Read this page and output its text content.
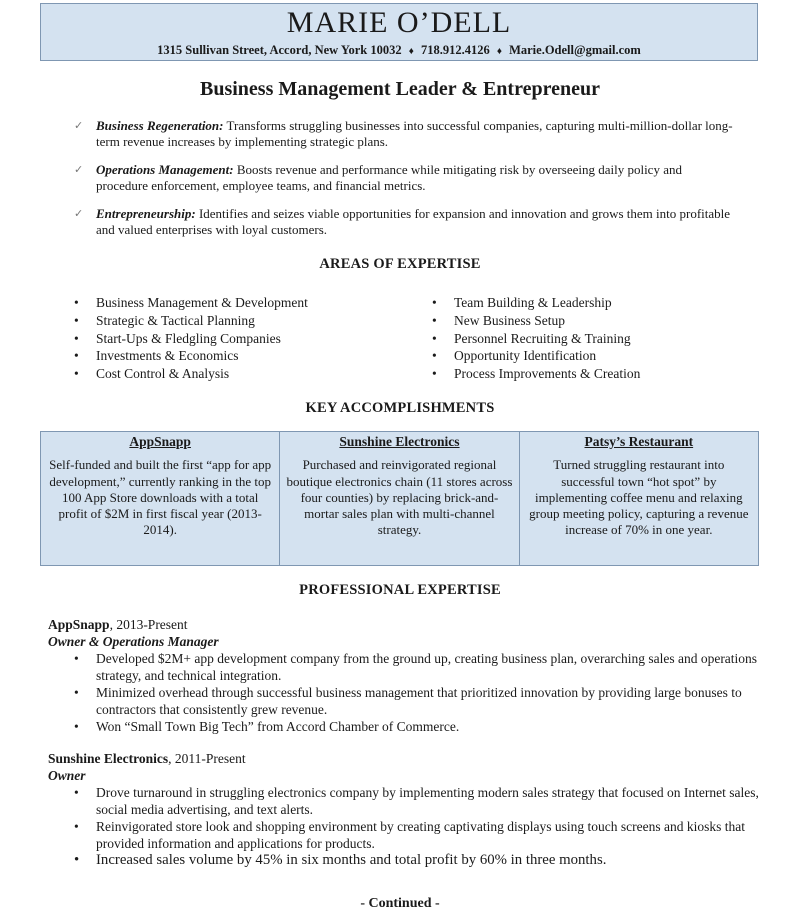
MARIE O’DELL
1315 Sullivan Street, Accord, New York 10032 ♦ 718.912.4126 ♦ Marie.Odell@gmail.com
Business Management Leader & Entrepreneur
✓ Business Regeneration: Transforms struggling businesses into successful companies, capturing multi-million-dollar long-term revenue increases by implementing strategic plans.
✓ Operations Management: Boosts revenue and performance while mitigating risk by overseeing daily policy and procedure enforcement, employee teams, and financial metrics.
✓ Entrepreneurship: Identifies and seizes viable opportunities for expansion and innovation and grows them into profitable and valued enterprises with loyal customers.
AREAS OF EXPERTISE
• Business Management & Development
• Strategic & Tactical Planning
• Start-Ups & Fledgling Companies
• Investments & Economics
• Cost Control & Analysis
• Team Building & Leadership
• New Business Setup
• Personnel Recruiting & Training
• Opportunity Identification
• Process Improvements & Creation
KEY ACCOMPLISHMENTS
AppSnapp
Self-funded and built the first “app for app development,” currently ranking in the top 100 App Store downloads with a total profit of $2M in first fiscal year (2013-2014).
Sunshine Electronics
Purchased and reinvigorated regional boutique electronics chain (11 stores across four counties) by replacing brick-and-mortar sales plan with multi-channel strategy.
Patsy’s Restaurant
Turned struggling restaurant into successful town “hot spot” by implementing coffee menu and relaxing group meeting policy, capturing a revenue increase of 70% in one year.
PROFESSIONAL EXPERTISE
AppSnapp, 2013-Present
Owner & Operations Manager
• Developed $2M+ app development company from the ground up, creating business plan, overarching sales and operations strategy, and technical integration.
• Minimized overhead through successful business management that prioritized innovation by providing large bonuses to contractors that consistently grew revenue.
• Won “Small Town Big Tech” from Accord Chamber of Commerce.
Sunshine Electronics, 2011-Present
Owner
• Drove turnaround in struggling electronics company by implementing modern sales strategy that focused on Internet sales, social media advertising, and text alerts.
• Reinvigorated store look and shopping environment by creating captivating displays using touch screens and kiosks that provided information and applications for products.
• Increased sales volume by 45% in six months and total profit by 60% in three months.
- Continued -
